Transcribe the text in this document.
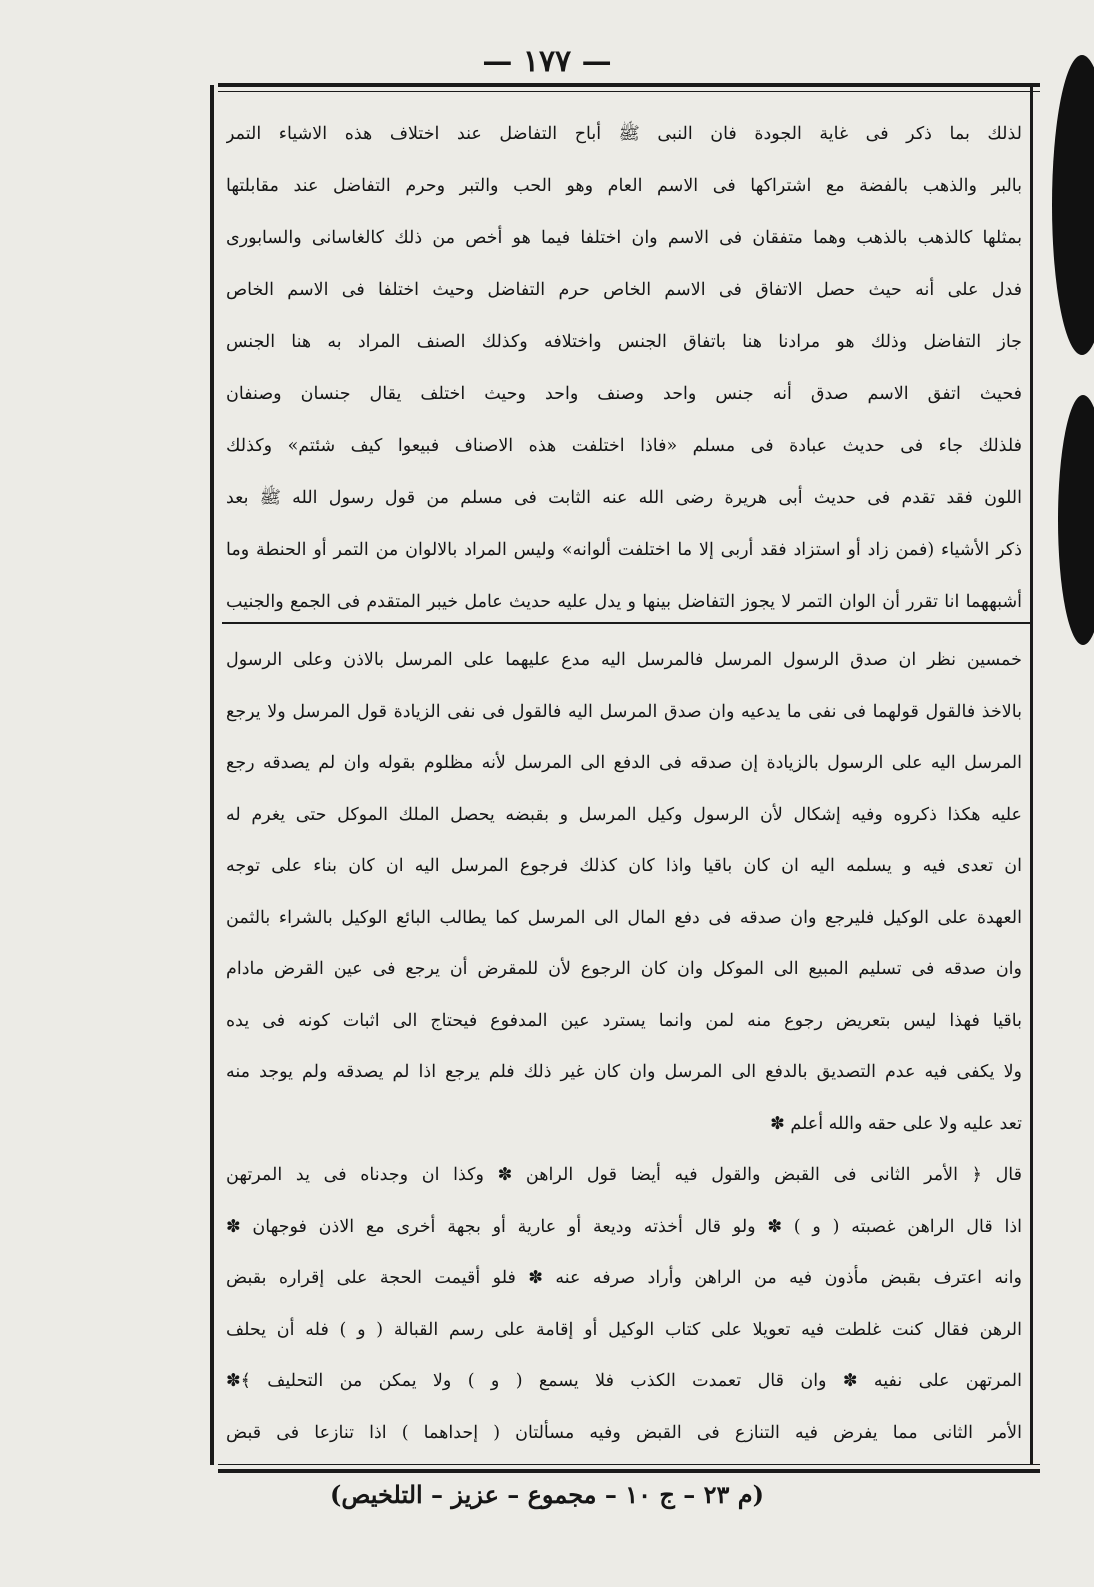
— ١٧٧ —
لذلك بما ذكر فى غاية الجودة فان النبى ﷺ أباح التفاضل عند اختلاف هذه الاشياء التمر
بالبر والذهب بالفضة مع اشتراكها فى الاسم العام وهو الحب والتبر وحرم التفاضل عند مقابلتها
بمثلها كالذهب بالذهب وهما متفقان فى الاسم وان اختلفا فيما هو أخص من ذلك كالغاسانى والسابورى
فدل على أنه حيث حصل الاتفاق فى الاسم الخاص حرم التفاضل وحيث اختلفا فى الاسم الخاص
جاز التفاضل وذلك هو مرادنا هنا باتفاق الجنس واختلافه وكذلك الصنف المراد به هنا الجنس
فحيث اتفق الاسم صدق أنه جنس واحد وصنف واحد وحيث اختلف يقال جنسان وصنفان
فلذلك جاء فى حديث عبادة فى مسلم «فاذا اختلفت هذه الاصناف فبيعوا كيف شئتم» وكذلك
اللون فقد تقدم فى حديث أبى هريرة رضى الله عنه الثابت فى مسلم من قول رسول الله ﷺ بعد
ذكر الأشياء (فمن زاد أو استزاد فقد أربى إلا ما اختلفت ألوانه» وليس المراد بالالوان من التمر أو الحنطة وما
أشبههما انا تقرر أن الوان التمر لا يجوز التفاضل بينها و يدل عليه حديث عامل خيبر المتقدم فى الجمع والجنيب
خمسين نظر ان صدق الرسول المرسل فالمرسل اليه مدع عليهما على المرسل بالاذن وعلى الرسول
بالاخذ فالقول قولهما فى نفى ما يدعيه وان صدق المرسل اليه فالقول فى نفى الزيادة قول المرسل ولا يرجع
المرسل اليه على الرسول بالزيادة إن صدقه فى الدفع الى المرسل لأنه مظلوم بقوله وان لم يصدقه رجع
عليه هكذا ذكروه وفيه إشكال لأن الرسول وكيل المرسل و بقبضه يحصل الملك الموكل حتى يغرم له
ان تعدى فيه و يسلمه اليه ان كان باقيا واذا كان كذلك فرجوع المرسل اليه ان كان بناء على توجه
العهدة على الوكيل فليرجع وان صدقه فى دفع المال الى المرسل كما يطالب البائع الوكيل بالشراء بالثمن
وان صدقه فى تسليم المبيع الى الموكل وان كان الرجوع لأن للمقرض أن يرجع فى عين القرض مادام
باقيا فهذا ليس بتعريض رجوع منه لمن وانما يسترد عين المدفوع فيحتاج الى اثبات كونه فى يده
ولا يكفى فيه عدم التصديق بالدفع الى المرسل وان كان غير ذلك فلم يرجع اذا لم يصدقه ولم يوجد منه
تعد عليه ولا على حقه والله أعلم ✽
قال ﴿ الأمر الثانى فى القبض والقول فيه أيضا قول الراهن ✽ وكذا ان وجدناه فى يد المرتهن
اذا قال الراهن غصبته ( و ) ✽ ولو قال أخذته وديعة أو عارية أو بجهة أخرى مع الاذن فوجهان ✽
وانه اعترف بقبض مأذون فيه من الراهن وأراد صرفه عنه ✽ فلو أقيمت الحجة على إقراره بقبض
الرهن فقال كنت غلطت فيه تعويلا على كتاب الوكيل أو إقامة على رسم القبالة ( و ) فله أن يحلف
المرتهن على نفيه ✽ وان قال تعمدت الكذب فلا يسمع ( و ) ولا يمكن من التحليف ﴾✽
الأمر الثانى مما يفرض فيه التنازع فى القبض وفيه مسألتان ( إحداهما ) اذا تنازعا فى قبض
(م ٢٣ – ج ١٠ – مجموع – عزيز – التلخيص)
